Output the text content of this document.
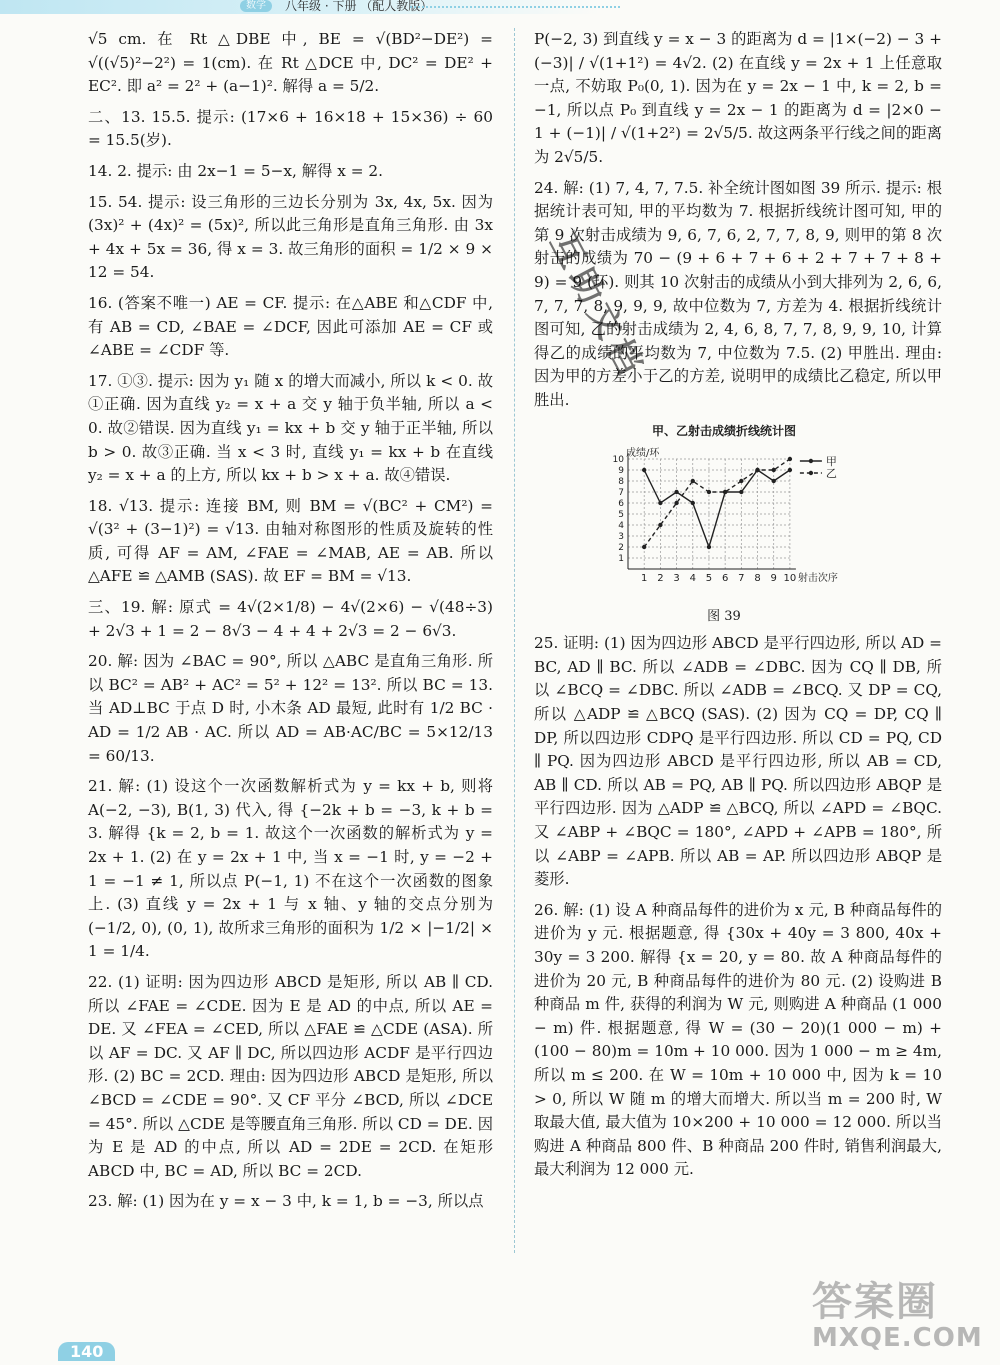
数学	八年级 · 下册 （配人教版）

√5 cm. 在 Rt △DBE 中, BE = √(BD²−DE²) = √((√5)²−2²) = 1(cm). 在 Rt △DCE 中, DC² = DE² + EC². 即 a² = 2² + (a−1)². 解得 a = 5/2.

二、13. 15.5. 提示: (17×6 + 16×18 + 15×36) ÷ 60 = 15.5(岁).

14. 2. 提示: 由 2x−1 = 5−x, 解得 x = 2.

15. 54. 提示: 设三角形的三边长分别为 3x, 4x, 5x. 因为 (3x)² + (4x)² = (5x)², 所以此三角形是直角三角形. 由 3x + 4x + 5x = 36, 得 x = 3. 故三角形的面积 = 1/2 × 9 × 12 = 54.

16. (答案不唯一) AE = CF. 提示: 在△ABE 和△CDF 中, 有 AB = CD, ∠BAE = ∠DCF, 因此可添加 AE = CF 或 ∠ABE = ∠CDF 等.

17. ①③. 提示: 因为 y₁ 随 x 的增大而减小, 所以 k < 0. 故①正确. 因为直线 y₂ = x + a 交 y 轴于负半轴, 所以 a < 0. 故②错误. 因为直线 y₁ = kx + b 交 y 轴于正半轴, 所以 b > 0. 故③正确. 当 x < 3 时, 直线 y₁ = kx + b 在直线 y₂ = x + a 的上方, 所以 kx + b > x + a. 故④错误.

18. √13. 提示: 连接 BM, 则 BM = √(BC² + CM²) = √(3² + (3−1)²) = √13. 由轴对称图形的性质及旋转的性质, 可得 AF = AM, ∠FAE = ∠MAB, AE = AB. 所以 △AFE ≌ △AMB (SAS). 故 EF = BM = √13.

三、19. 解: 原式 = 4√(2×1/8) − 4√(2×6) − √(48÷3) + 2√3 + 1 = 2 − 8√3 − 4 + 4 + 2√3 = 2 − 6√3.

20. 解: 因为 ∠BAC = 90°, 所以 △ABC 是直角三角形. 所以 BC² = AB² + AC² = 5² + 12² = 13². 所以 BC = 13. 当 AD⊥BC 于点 D 时, 小木条 AD 最短, 此时有 1/2 BC · AD = 1/2 AB · AC. 所以 AD = AB·AC/BC = 5×12/13 = 60/13.

21. 解: (1) 设这个一次函数解析式为 y = kx + b, 则将 A(−2, −3), B(1, 3) 代入, 得 {−2k + b = −3, k + b = 3. 解得 {k = 2, b = 1. 故这个一次函数的解析式为 y = 2x + 1. (2) 在 y = 2x + 1 中, 当 x = −1 时, y = −2 + 1 = −1 ≠ 1, 所以点 P(−1, 1) 不在这个一次函数的图象上. (3) 直线 y = 2x + 1 与 x 轴、y 轴的交点分别为 (−1/2, 0), (0, 1), 故所求三角形的面积为 1/2 × |−1/2| × 1 = 1/4.

22. (1) 证明: 因为四边形 ABCD 是矩形, 所以 AB ∥ CD. 所以 ∠FAE = ∠CDE. 因为 E 是 AD 的中点, 所以 AE = DE. 又 ∠FEA = ∠CED, 所以 △FAE ≌ △CDE (ASA). 所以 AF = DC. 又 AF ∥ DC, 所以四边形 ACDF 是平行四边形. (2) BC = 2CD. 理由: 因为四边形 ABCD 是矩形, 所以 ∠BCD = ∠CDE = 90°. 又 CF 平分 ∠BCD, 所以 ∠DCE = 45°. 所以 △CDE 是等腰直角三角形. 所以 CD = DE. 因为 E 是 AD 的中点, 所以 AD = 2DE = 2CD. 在矩形 ABCD 中, BC = AD, 所以 BC = 2CD.

23. 解: (1) 因为在 y = x − 3 中, k = 1, b = −3, 所以点

P(−2, 3) 到直线 y = x − 3 的距离为 d = |1×(−2) − 3 + (−3)| / √(1+1²) = 4√2. (2) 在直线 y = 2x + 1 上任意取一点, 不妨取 P₀(0, 1). 因为在 y = 2x − 1 中, k = 2, b = −1, 所以点 P₀ 到直线 y = 2x − 1 的距离为 d = |2×0 − 1 + (−1)| / √(1+2²) = 2√5/5. 故这两条平行线之间的距离为 2√5/5.

24. 解: (1) 7, 4, 7, 7.5. 补全统计图如图 39 所示. 提示: 根据统计表可知, 甲的平均数为 7. 根据折线统计图可知, 甲的第 9 次射击成绩为 9, 6, 7, 6, 2, 7, 7, 8, 9, 则甲的第 8 次射击的成绩为 70 − (9 + 6 + 7 + 6 + 2 + 7 + 7 + 8 + 9) = 9 (环). 则其 10 次射击的成绩从小到大排列为 2, 6, 6, 7, 7, 7, 8, 9, 9, 9, 故中位数为 7, 方差为 4. 根据折线统计图可知, 乙的射击成绩为 2, 4, 6, 8, 7, 7, 8, 9, 9, 10, 计算得乙的成绩的平均数为 7, 中位数为 7.5. (2) 甲胜出. 理由: 因为甲的方差小于乙的方差, 说明甲的成绩比乙稳定, 所以甲胜出.

甲、乙射击成绩折线统计图
1
2
3
4
5
6
7
8
9
10
1 2 3 4 5 6 7 8 9 10
成绩/环
射击次序
甲
乙
图 39

25. 证明: (1) 因为四边形 ABCD 是平行四边形, 所以 AD = BC, AD ∥ BC. 所以 ∠ADB = ∠DBC. 因为 CQ ∥ DB, 所以 ∠BCQ = ∠DBC. 所以 ∠ADB = ∠BCQ. 又 DP = CQ, 所以 △ADP ≌ △BCQ (SAS). (2) 因为 CQ = DP, CQ ∥ DP, 所以四边形 CDPQ 是平行四边形. 所以 CD = PQ, CD ∥ PQ. 因为四边形 ABCD 是平行四边形, 所以 AB = CD, AB ∥ CD. 所以 AB = PQ, AB ∥ PQ. 所以四边形 ABQP 是平行四边形. 因为 △ADP ≌ △BCQ, 所以 ∠APD = ∠BQC. 又 ∠ABP + ∠BQC = 180°, ∠APD + ∠APB = 180°, 所以 ∠ABP = ∠APB. 所以 AB = AP. 所以四边形 ABQP 是菱形.

26. 解: (1) 设 A 种商品每件的进价为 x 元, B 种商品每件的进价为 y 元. 根据题意, 得 {30x + 40y = 3 800, 40x + 30y = 3 200. 解得 {x = 20, y = 80. 故 A 种商品每件的进价为 20 元, B 种商品每件的进价为 80 元. (2) 设购进 B 种商品 m 件, 获得的利润为 W 元, 则购进 A 种商品 (1 000 − m) 件. 根据题意, 得 W = (30 − 20)(1 000 − m) + (100 − 80)m = 10m + 10 000. 因为 1 000 − m ≥ 4m, 所以 m ≤ 200. 在 W = 10m + 10 000 中, 因为 k = 10 > 0, 所以 W 随 m 的增大而增大. 所以当 m = 200 时, W 取最大值, 最大值为 10×200 + 10 000 = 12 000. 所以当购进 A 种商品 800 件、B 种商品 200 件时, 销售利润最大, 最大利润为 12 000 元.

互助文档
答案圈
MXQE.COM
140
